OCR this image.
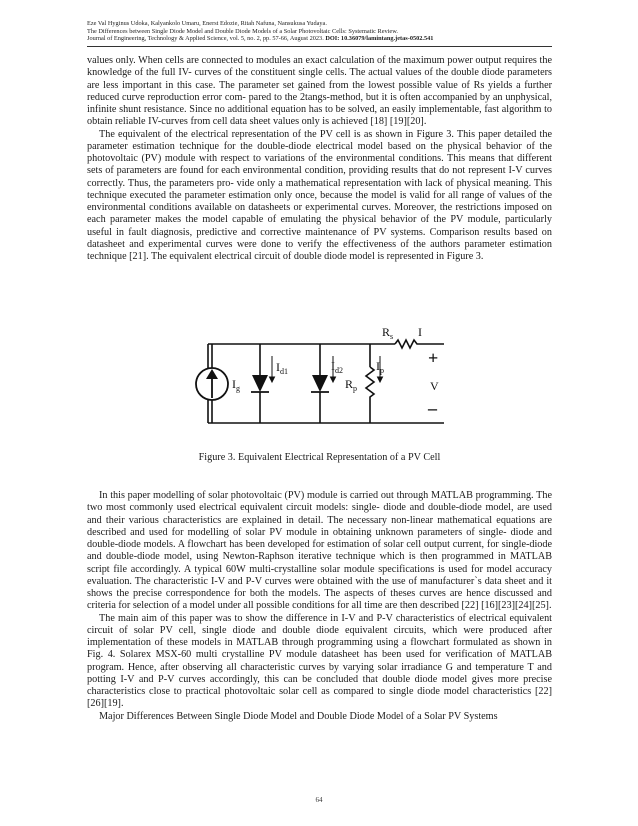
Eze Val Hyginus Udoka, Kalyankolo Umaru, Enerst Edozie, Ritah Nafuna, Nansukusa Yudaya.
The Differences between Single Diode Model and Double Diode Models of a Solar Photovoltaic Cells: Systematic Review.
Journal of Engineering, Technology & Applied Science, vol. 5, no. 2, pp. 57-66, August 2023. DOI: 10.36079/lamintang.jetas-0502.541

values only. When cells are connected to modules an exact calculation of the maximum power output requires the knowledge of the full IV- curves of the constituent single cells. The actual values of the double diode parameters are less important in this case. The parameter set gained from the lowest possible value of Rs yields a further reduced curve reproduction error com- pared to the 2tangs-method, but it is often accompanied by an unphysical, infinite shunt resistance. Since no additional equation has to be solved, an easily implementable, fast algorithm to obtain reliable IV-curves from cell data sheet values only is achieved [18] [19][20].

The equivalent of the electrical representation of the PV cell is as shown in Figure 3. This paper detailed the parameter estimation technique for the double-diode electrical model based on the physical behavior of the photovoltaic (PV) module with respect to variations of the environmental conditions. This means that different sets of parameters are found for each environmental condition, providing results that do not represent I-V curves correctly. Thus, the parameters pro- vide only a mathematical representation with lack of physical meaning. This technique executed the parameter estimation only once, because the model is valid for all range of values of the environmental conditions available on datasheets or experimental curves. Moreover, the restrictions imposed on each parameter makes the model capable of emulating the physical behavior of the PV module, particularly useful in fault diagnosis, predictive and corrective maintenance of PV systems. Comparison results based on datasheet and experimental curves were done to verify the effectiveness of the authors parameter estimation technique [21]. The equivalent electrical circuit of double diode model is represented in Figure 3.

$I_g$
$I_{d1}$	$I_{d2}$	$I_p$
$R_p$
$R_s$ I
+
V
–
Figure 3. Equivalent Electrical Representation of a PV Cell

In this paper modelling of solar photovoltaic (PV) module is carried out through MATLAB programming. The two most commonly used electrical equivalent circuit models: single- diode and double-diode model, are used and their various characteristics are explained in detail. The necessary non-linear mathematical equations are described and used for modelling of solar PV module in obtaining unknown parameters of single- diode and double-diode models. A flowchart has been developed for estimation of solar cell output current, for single-diode and double-diode model, using Newton-Raphson iterative technique which is then programmed in MATLAB script file accordingly. A typical 60W multi-crystalline solar module specifications is used for model accuracy evaluation. The characteristic I-V and P-V curves were obtained with the use of manufacturer`s data sheet and it shows the precise correspondence for both the models. The aspects of theses curves are hence discussed and criteria for selection of a model under all possible conditions for all time are then described [22] [16][23][24][25].

The main aim of this paper was to show the difference in I-V and P-V characteristics of electrical equivalent circuit of solar PV cell, single diode and double diode equivalent circuits, which were produced after implementation of these models in MATLAB through programming using a flowchart formulated as shown in Fig. 4. Solarex MSX-60 multi crystalline PV module datasheet has been used for verification of MATLAB program. Hence, after observing all characteristic curves by varying solar irradiance G and temperature T and potting I-V and P-V curves accordingly, this can be concluded that double diode model gives more precise characteristics close to practical photovoltaic solar cell as compared to single diode model characteristics [22] [26][19].

Major Differences Between Single Diode Model and Double Diode Model of a Solar PV Systems

64
